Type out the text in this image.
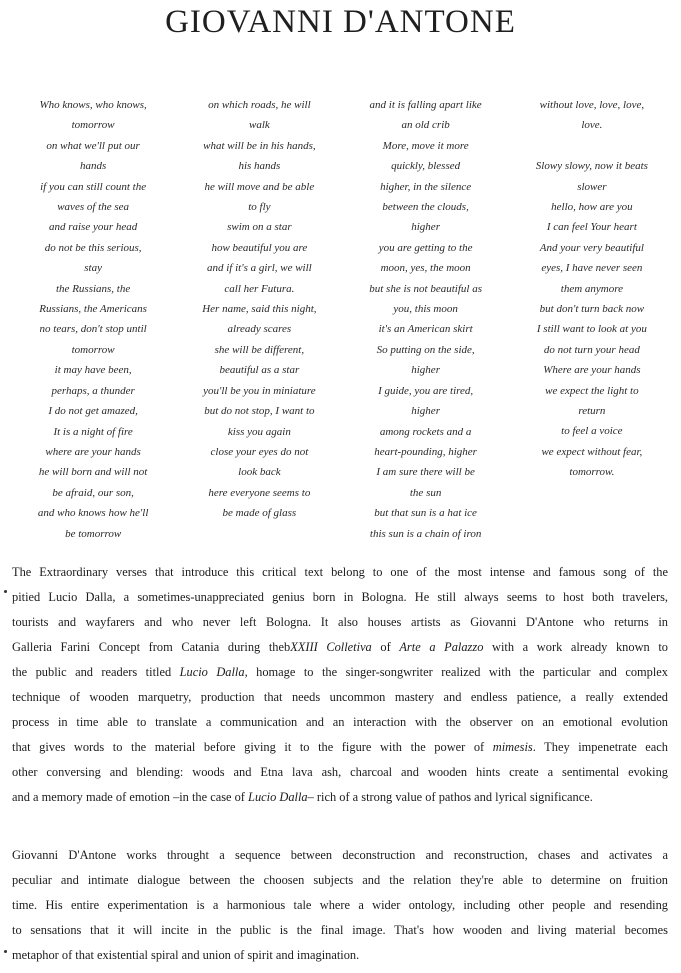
GIOVANNI D'ANTONE
Who knows, who knows,
tomorrow
on what we'll put our
hands
if you can still count the
waves of the sea
and raise your head
do not be this serious,
stay
the Russians, the
Russians, the Americans
no tears, don't stop until
tomorrow
it may have been,
perhaps, a thunder
I do not get amazed,
It is a night of fire
where are your hands
he will born and will not
be afraid, our son,
and who knows how he'll
be tomorrow
on which roads, he will
walk
what will be in his hands,
his hands
he will move and be able
to fly
swim on a star
how beautiful you are
and if it's a girl, we will
call her Futura.
Her name, said this night,
already scares
she will be different,
beautiful as a star
you'll be you in miniature
but do not stop, I want to
kiss you again
close your eyes do not
look back
here everyone seems to
be made of glass
and it is falling apart like
an old crib
More, move it more
quickly, blessed
higher, in the silence
between the clouds,
higher
you are getting to the
moon, yes, the moon
but she is not beautiful as
you, this moon
it's an American skirt
So putting on the side,
higher
I guide, you are tired,
higher
among rockets and a
heart-pounding, higher
I am sure there will be
the sun
but that sun is a hat ice
this sun is a chain of iron
without love, love, love,
love.
Slowy slowy, now it beats
slower
hello, how are you
I can feel Your heart
And your very beautiful
eyes, I have never seen
them anymore
but don't turn back now
I still want to look at you
do not turn your head
Where are your hands
we expect the light to
return
to feel a voice
we expect without fear,
tomorrow.
The Extraordinary verses that introduce this critical text belong to one of the most intense and famous song of the
pitied Lucio Dalla, a sometimes-unappreciated genius born in Bologna. He still always seems to host both travelers,
tourists and wayfarers and who never left Bologna. It also houses artists as Giovanni D'Antone who returns in
Galleria Farini Concept from Catania during thebXXIII Colletiva of Arte a Palazzo with a work already known to
the public and readers titled Lucio Dalla, homage to the singer-songwriter realized with the particular and complex
technique of wooden marquetry, production that needs uncommon mastery and endless patience, a really extended
process in time able to translate a communication and an interaction with the observer on an emotional evolution
that gives words to the material before giving it to the figure with the power of mimesis. They impenetrate each
other conversing and blending: woods and Etna lava ash, charcoal and wooden hints create a sentimental evoking
and a memory made of emotion –in the case of Lucio Dalla– rich of a strong value of pathos and lyrical significance.
Giovanni D'Antone works throught a sequence between deconstruction and reconstruction, chases and activates a
peculiar and intimate dialogue between the choosen subjects and the relation they're able to determine on fruition
time. His entire experimentation is a harmonious tale where a wider ontology, including other people and resending
to sensations that it will incite in the public is the final image. That's how wooden and living material becomes
metaphor of that existential spiral and union of spirit and imagination.
